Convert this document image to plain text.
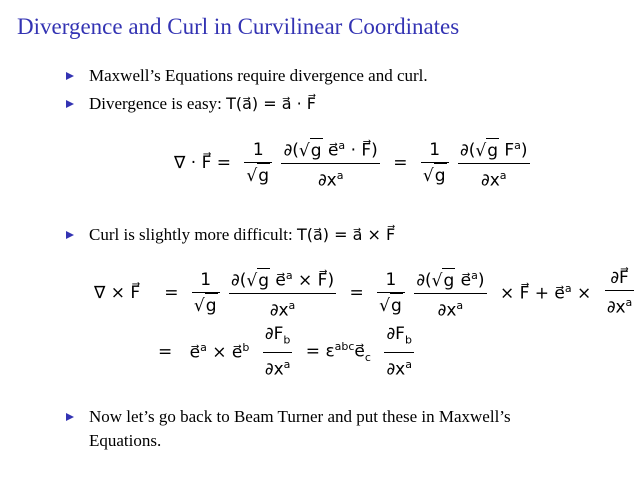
Divergence and Curl in Curvilinear Coordinates
Maxwell’s Equations require divergence and curl.
Divergence is easy: T(a⃗) = a⃗ · F⃗
∇ · F⃗ = $\frac{1}{√g}$
$\frac{\partial(√g e⃗^a \cdot F⃗)}{\partial x^a} = \frac{1}{√g}$
$\frac{\partial(√g F^a)}{\partial x^a}$
Curl is slightly more difficult: T(a⃗) = a⃗ × F⃗
∇ × F⃗ = $\frac{1}{√g}$
$\frac{\partial(√g e⃗^a \times F⃗)}{\partial x^a} = \frac{1}{√g}$
$\frac{\partial(√g e⃗^a)}{\partial x^a}$ × F⃗ + e⃗$^a$ × $\frac{\partial F⃗}{\partial x^a}$
= e⃗$^a$ × e⃗$^b$ $\frac{\partial F_b}{\partial x^a}$ = $\varepsilon^{abc}e⃗_c \frac{\partial F_b}{\partial x^a}$
Now let’s go back to Beam Turner and put these in Maxwell’s
Equations.
